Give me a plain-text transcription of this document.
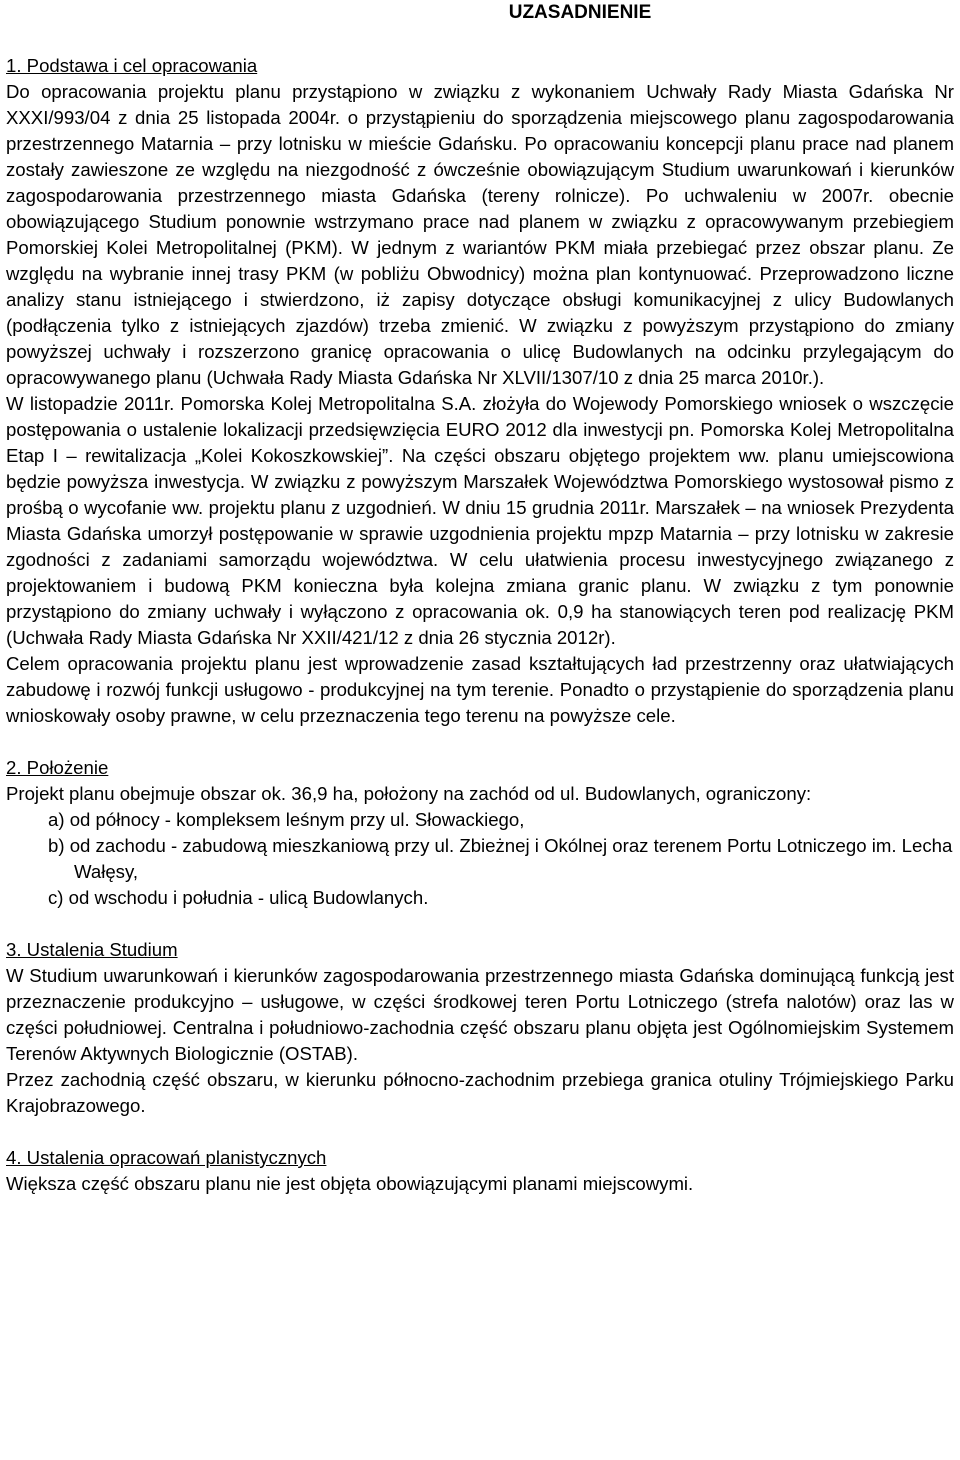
UZASADNIENIE

1. Podstawa i cel opracowania

Do opracowania projektu planu przystąpiono w związku z wykonaniem Uchwały Rady Miasta Gdańska Nr XXXI/993/04 z dnia 25 listopada 2004r. o przystąpieniu do sporządzenia miejscowego planu zagospodarowania przestrzennego Matarnia – przy lotnisku w mieście Gdańsku. Po opracowaniu koncepcji planu prace nad planem zostały zawieszone ze względu na niezgodność z ówcześnie obowiązującym Studium uwarunkowań i kierunków zagospodarowania przestrzennego miasta Gdańska (tereny rolnicze). Po uchwaleniu w 2007r. obecnie obowiązującego Studium ponownie wstrzymano prace nad planem w związku z opracowywanym przebiegiem Pomorskiej Kolei Metropolitalnej (PKM). W jednym z wariantów PKM miała przebiegać przez obszar planu. Ze względu na wybranie innej trasy PKM (w pobliżu Obwodnicy) można plan kontynuować. Przeprowadzono liczne analizy stanu istniejącego i stwierdzono, iż zapisy dotyczące obsługi komunikacyjnej z ulicy Budowlanych (podłączenia tylko z istniejących zjazdów) trzeba zmienić. W związku z powyższym przystąpiono do zmiany powyższej uchwały i rozszerzono granicę opracowania o ulicę Budowlanych na odcinku przylegającym do opracowywanego planu (Uchwała Rady Miasta Gdańska Nr XLVII/1307/10 z dnia 25 marca 2010r.).

W listopadzie 2011r. Pomorska Kolej Metropolitalna S.A. złożyła do Wojewody Pomorskiego wniosek o wszczęcie postępowania o ustalenie lokalizacji przedsięwzięcia EURO 2012 dla inwestycji pn. Pomorska Kolej Metropolitalna Etap I – rewitalizacja „Kolei Kokoszkowskiej”. Na części obszaru objętego projektem ww. planu umiejscowiona będzie powyższa inwestycja. W związku z powyższym Marszałek Województwa Pomorskiego wystosował pismo z prośbą o wycofanie ww. projektu planu z uzgodnień. W dniu 15 grudnia 2011r. Marszałek – na wniosek Prezydenta Miasta Gdańska umorzył postępowanie w sprawie uzgodnienia projektu mpzp Matarnia – przy lotnisku w zakresie zgodności z zadaniami samorządu województwa. W celu ułatwienia procesu inwestycyjnego związanego z projektowaniem i budową PKM konieczna była kolejna zmiana granic planu. W związku z tym ponownie przystąpiono do zmiany uchwały i wyłączono z opracowania ok. 0,9 ha stanowiących teren pod realizację PKM (Uchwała Rady Miasta Gdańska Nr XXII/421/12 z dnia 26 stycznia 2012r).

Celem opracowania projektu planu jest wprowadzenie zasad kształtujących ład przestrzenny oraz ułatwiających zabudowę i rozwój funkcji usługowo - produkcyjnej na tym terenie. Ponadto o przystąpienie do sporządzenia planu wnioskowały osoby prawne, w celu przeznaczenia tego terenu na powyższe cele.

2. Położenie

Projekt planu obejmuje obszar ok. 36,9 ha, położony na zachód od ul. Budowlanych, ograniczony:

a) od północy - kompleksem leśnym przy ul. Słowackiego,
b) od zachodu - zabudową mieszkaniową przy ul. Zbieżnej i Okólnej oraz terenem Portu Lotniczego im. Lecha Wałęsy,
c) od wschodu i południa - ulicą Budowlanych.

3. Ustalenia Studium

W Studium uwarunkowań i kierunków zagospodarowania przestrzennego miasta Gdańska dominującą funkcją jest przeznaczenie produkcyjno – usługowe, w części środkowej teren Portu Lotniczego (strefa nalotów) oraz las w części południowej. Centralna i południowo-zachodnia część obszaru planu objęta jest Ogólnomiejskim Systemem Terenów Aktywnych Biologicznie (OSTAB).

Przez zachodnią część obszaru, w kierunku północno-zachodnim przebiega granica otuliny Trójmiejskiego Parku Krajobrazowego.

4. Ustalenia opracowań planistycznych

Większa część obszaru planu nie jest objęta obowiązującymi planami miejscowymi.
